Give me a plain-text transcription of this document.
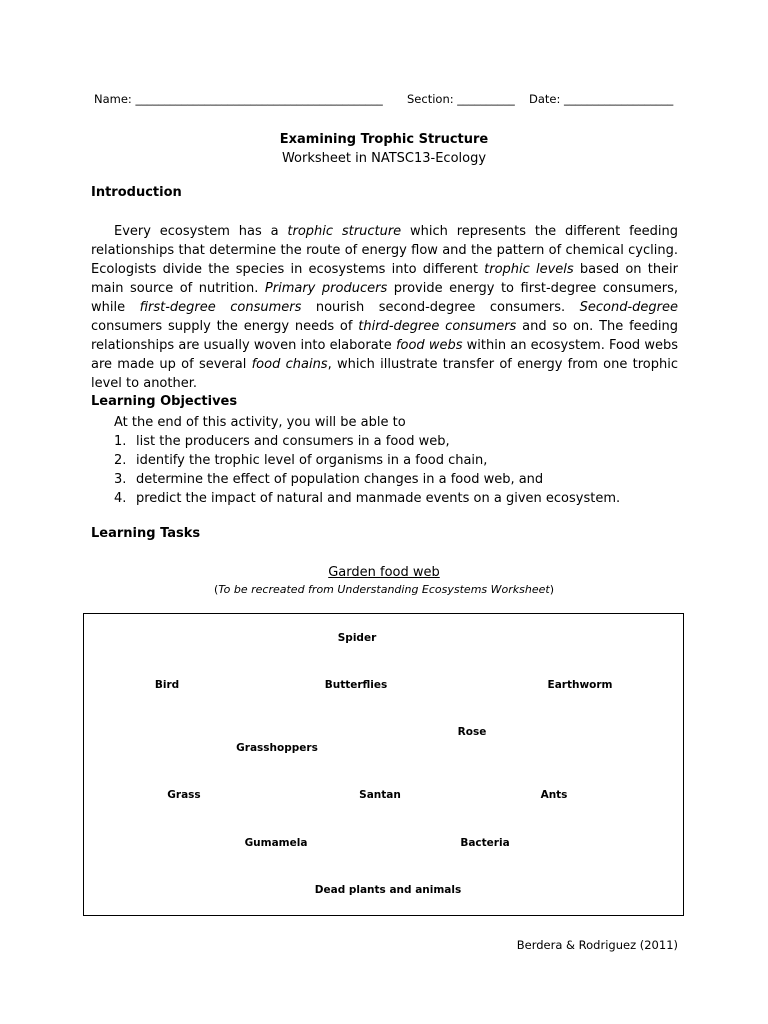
Name: ___________________________________________ Section: __________ Date: ___________________
Examining Trophic Structure
Worksheet in NATSC13-Ecology
Introduction
Every ecosystem has a trophic structure which represents the different feeding relationships that determine the route of energy flow and the pattern of chemical cycling. Ecologists divide the species in ecosystems into different trophic levels based on their main source of nutrition. Primary producers provide energy to first-degree consumers, while first-degree consumers nourish second-degree consumers. Second-degree consumers supply the energy needs of third-degree consumers and so on. The feeding relationships are usually woven into elaborate food webs within an ecosystem. Food webs are made up of several food chains, which illustrate transfer of energy from one trophic level to another.
Learning Objectives
At the end of this activity, you will be able to
1. list the producers and consumers in a food web,
2. identify the trophic level of organisms in a food chain,
3. determine the effect of population changes in a food web, and
4. predict the impact of natural and manmade events on a given ecosystem.
Learning Tasks
Garden food web
(To be recreated from Understanding Ecosystems Worksheet)
Spider
Bird	Butterflies	Earthworm
Rose
Grasshoppers
Grass	Santan	Ants
Gumamela	Bacteria
Dead plants and animals
Berdera & Rodriguez (2011)
